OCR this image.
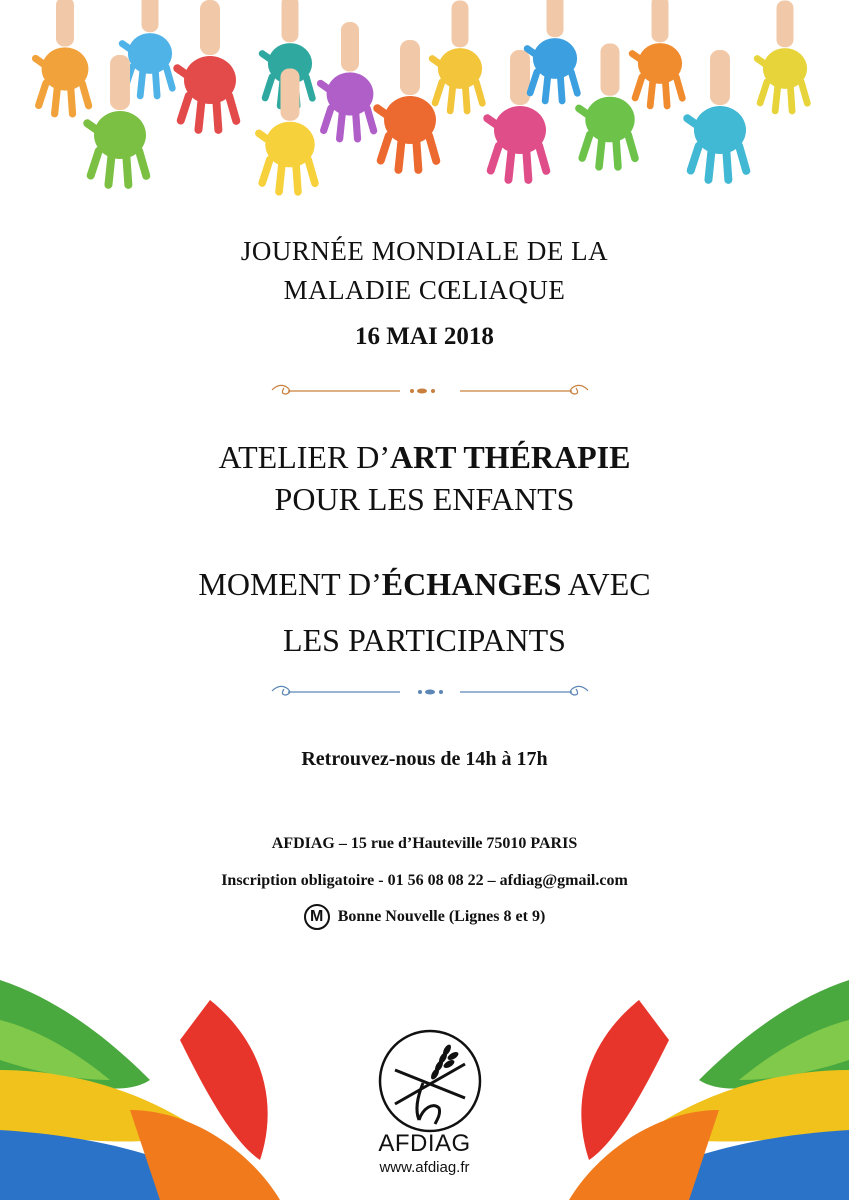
JOURNÉE MONDIALE DE LA
MALADIE CŒLIAQUE
16 MAI 2018
ATELIER D’ART THÉRAPIE
POUR LES ENFANTS
MOMENT D’ÉCHANGES AVEC
LES PARTICIPANTS
Retrouvez-nous de 14h à 17h
AFDIAG – 15 rue d’Hauteville 75010 PARIS
Inscription obligatoire - 01 56 08 08 22 – afdiag@gmail.com
M Bonne Nouvelle (Lignes 8 et 9)
AFDIAG
www.afdiag.fr
